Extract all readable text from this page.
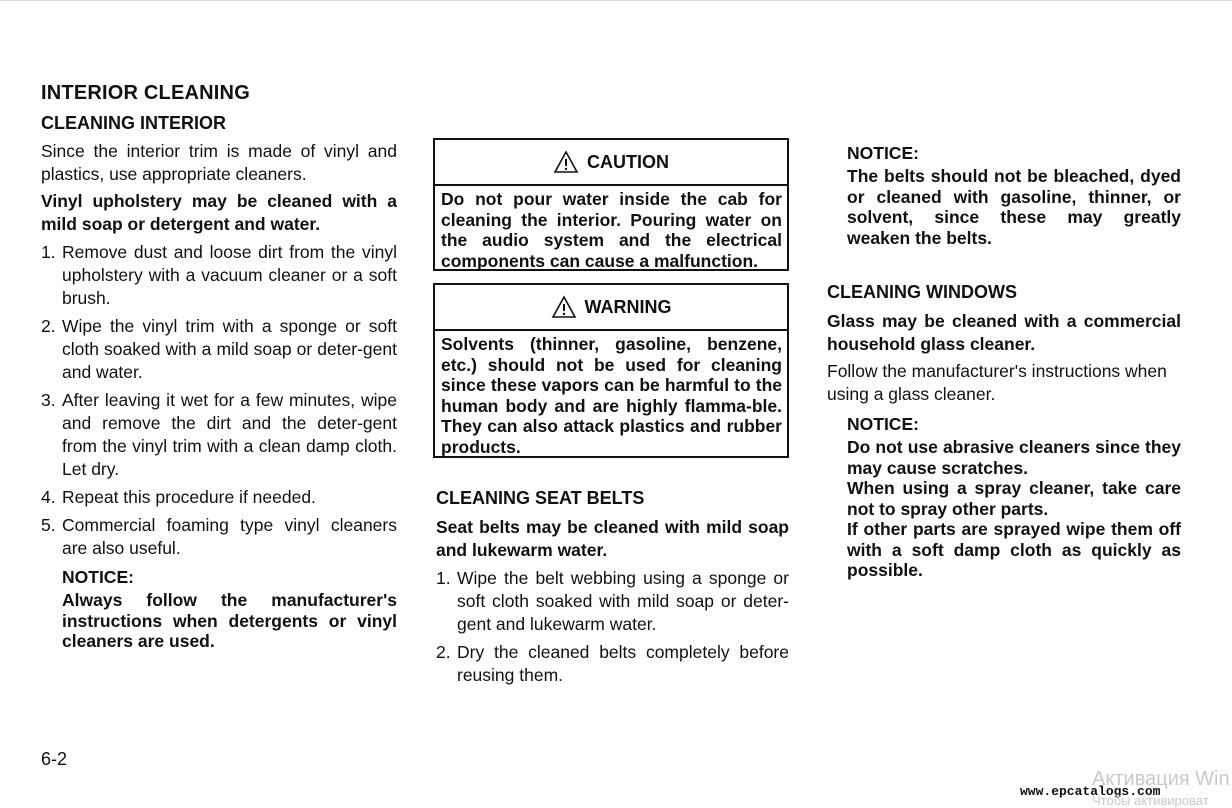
INTERIOR CLEANING
CLEANING INTERIOR
Since the interior trim is made of vinyl and plastics, use appropriate cleaners.
Vinyl upholstery may be cleaned with a mild soap or detergent and water.
1. Remove dust and loose dirt from the vinyl upholstery with a vacuum cleaner or a soft brush.
2. Wipe the vinyl trim with a sponge or soft cloth soaked with a mild soap or deter-gent and water.
3. After leaving it wet for a few minutes, wipe and remove the dirt and the deter-gent from the vinyl trim with a clean damp cloth. Let dry.
4. Repeat this procedure if needed.
5. Commercial foaming type vinyl cleaners are also useful.
NOTICE:
Always follow the manufacturer's instructions when detergents or vinyl cleaners are used.
CAUTION
Do not pour water inside the cab for cleaning the interior. Pouring water on the audio system and the electrical components can cause a malfunction.
WARNING
Solvents (thinner, gasoline, benzene, etc.) should not be used for cleaning since these vapors can be harmful to the human body and are highly flamma-ble. They can also attack plastics and rubber products.
CLEANING SEAT BELTS
Seat belts may be cleaned with mild soap and lukewarm water.
1. Wipe the belt webbing using a sponge or soft cloth soaked with mild soap or deter-gent and lukewarm water.
2. Dry the cleaned belts completely before reusing them.
NOTICE:
The belts should not be bleached, dyed or cleaned with gasoline, thinner, or solvent, since these may greatly weaken the belts.
CLEANING WINDOWS
Glass may be cleaned with a commercial household glass cleaner.
Follow the manufacturer's instructions when using a glass cleaner.
NOTICE:
Do not use abrasive cleaners since they may cause scratches.
When using a spray cleaner, take care not to spray other parts.
If other parts are sprayed wipe them off with a soft damp cloth as quickly as possible.
6-2
Активация Win
www.epcatalogs.com
Чтобы активироват
